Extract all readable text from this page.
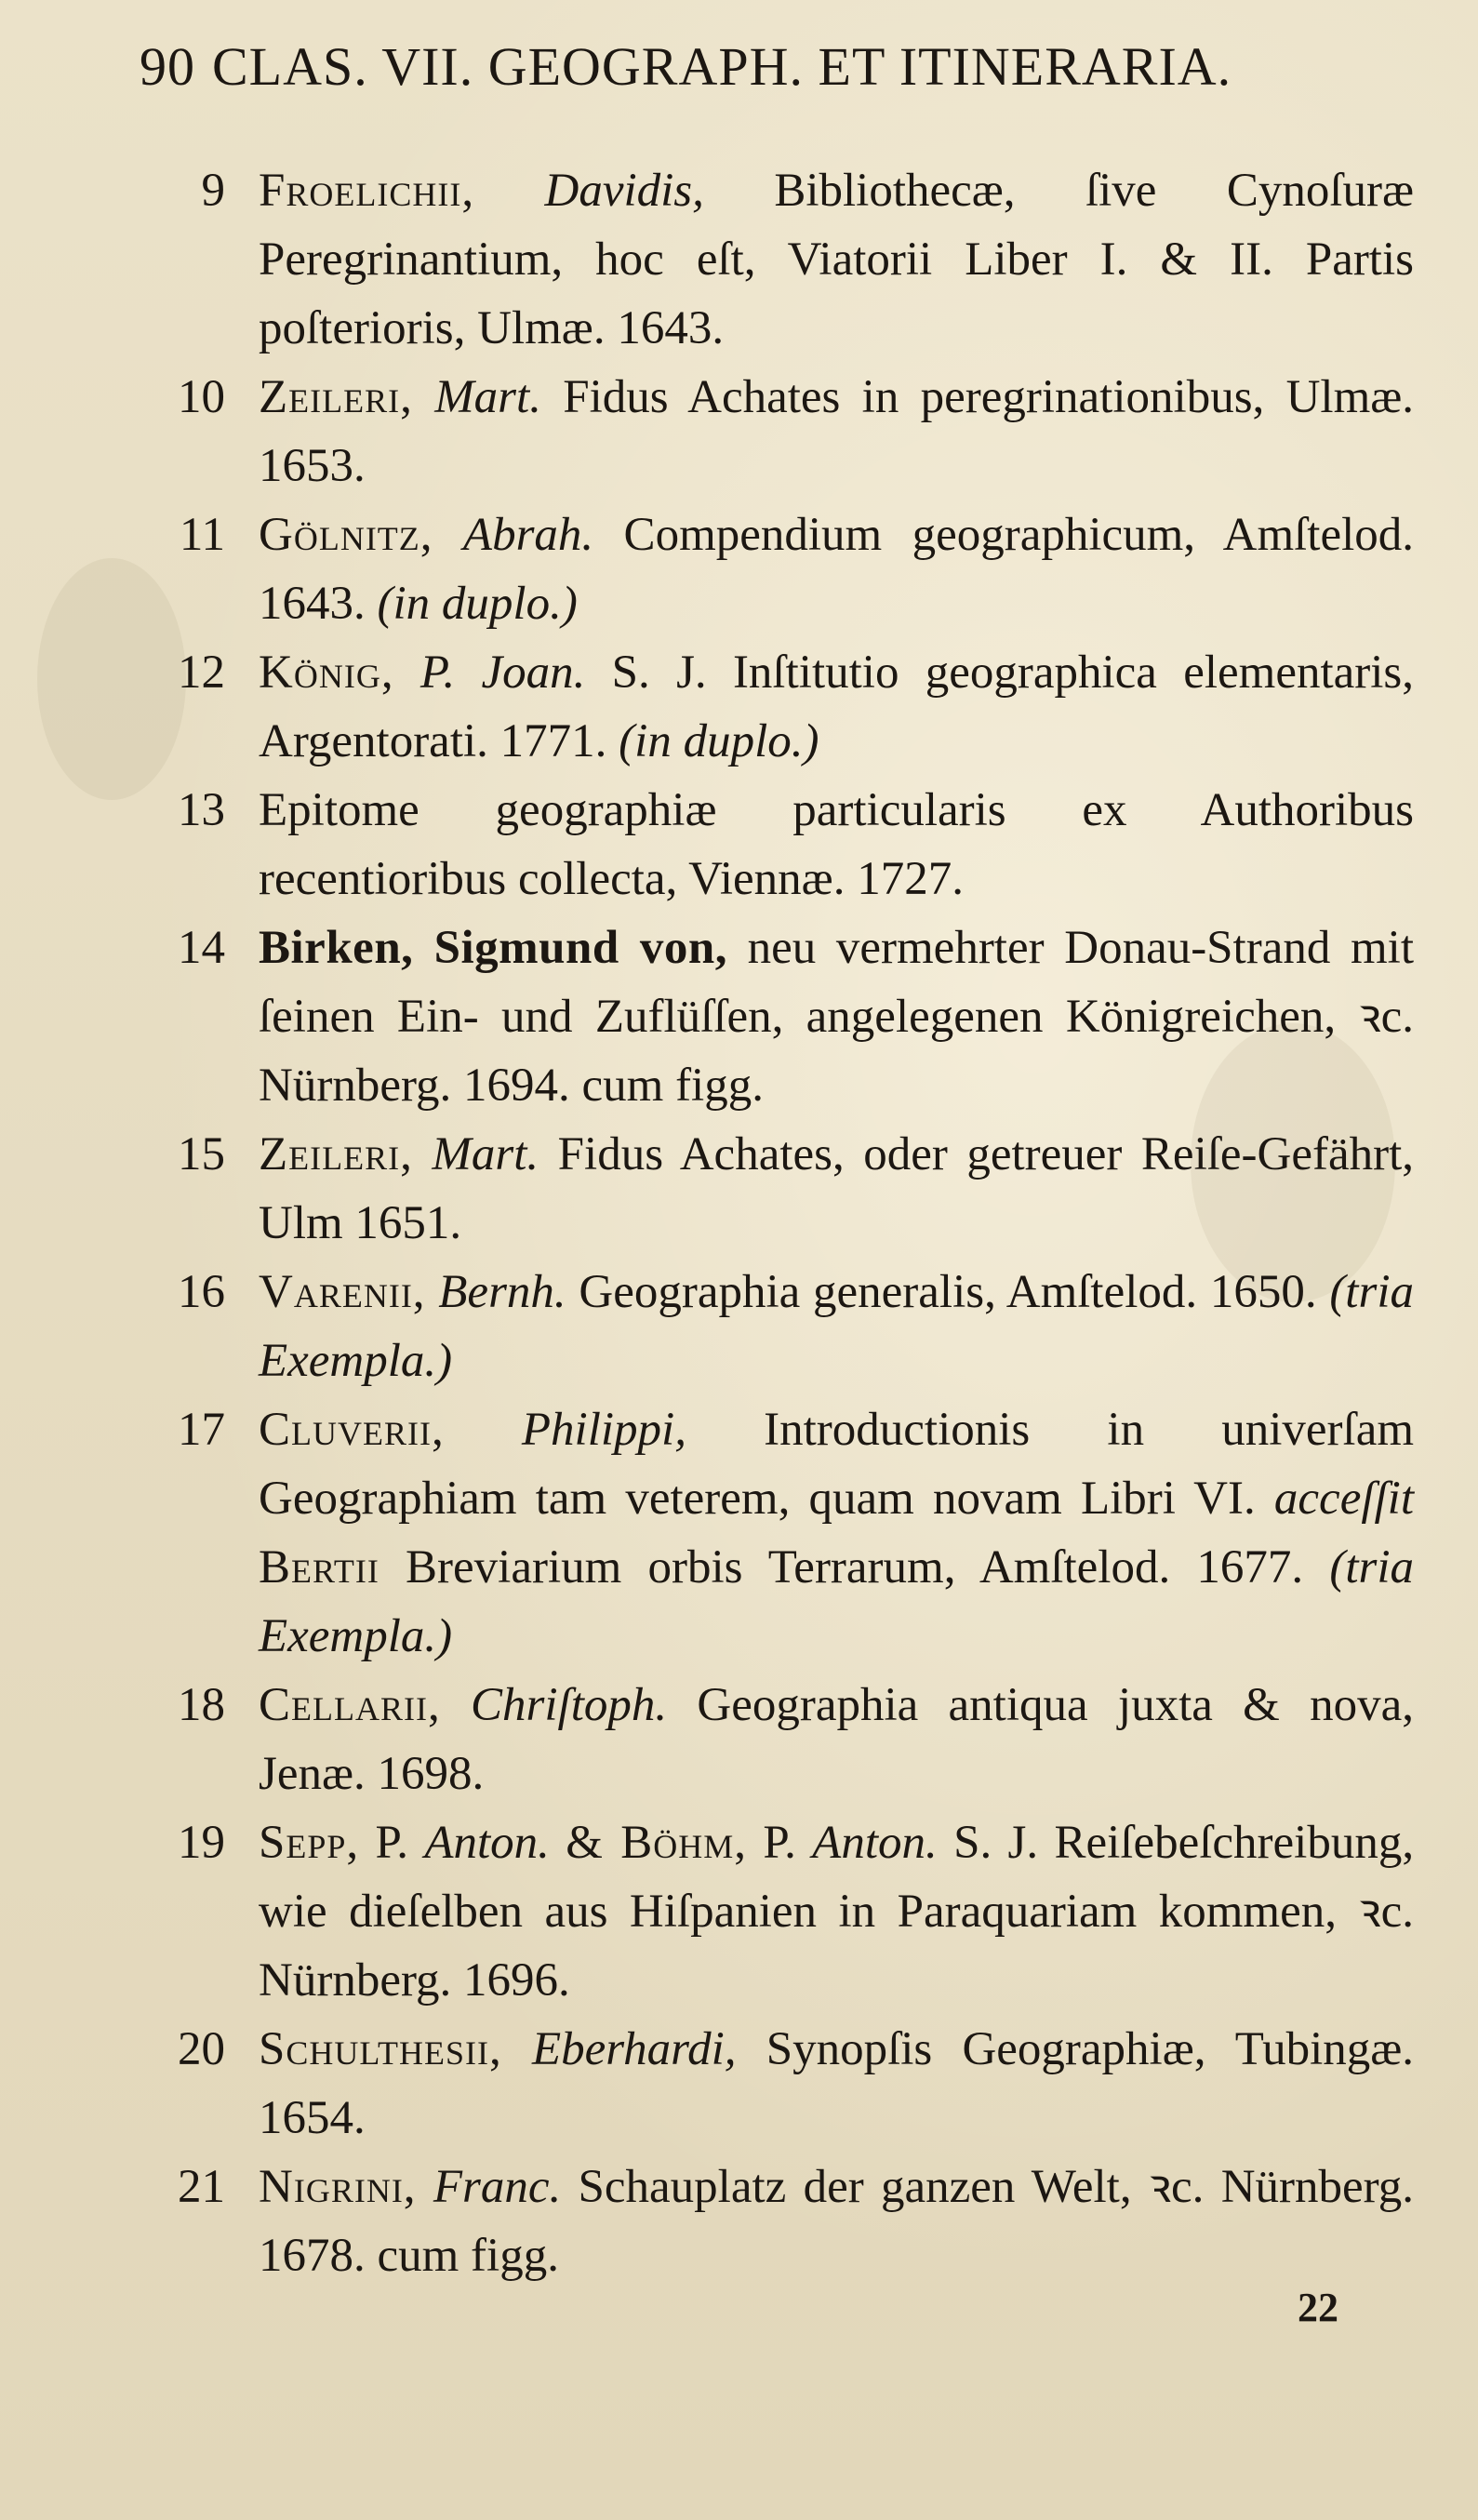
90 CLAS. VII. GEOGRAPH. ET ITINERARIA.
9 Froelichii, Davidis, Bibliothecæ, ſive Cynoſuræ Peregrinantium, hoc eſt, Viatorii Liber I. & II. Partis poſterioris, Ulmæ. 1643.
10 Zeileri, Mart. Fidus Achates in peregrinationibus, Ulmæ. 1653.
11 Gölnitz, Abrah. Compendium geographicum, Amſtelod. 1643. (in duplo.)
12 König, P. Joan. S. J. Inſtitutio geographica elementaris, Argentorati. 1771. (in duplo.)
13 Epitome geographiæ particularis ex Authoribus recentioribus collecta, Viennæ. 1727.
14 Birken, Sigmund von, neu vermehrter Donau-Strand mit ſeinen Ein- und Zuflüſſen, angelegenen Königreichen, ꝛc. Nürnberg. 1694. cum figg.
15 Zeileri, Mart. Fidus Achates, oder getreuer Reiſe-Gefährt, Ulm 1651.
16 Varenii, Bernh. Geographia generalis, Amſtelod. 1650. (tria Exempla.)
17 Cluverii, Philippi, Introductionis in univerſam Geographiam tam veterem, quam novam Libri VI. acceſſit Bertii Breviarium orbis Terrarum, Amſtelod. 1677. (tria Exempla.)
18 Cellarii, Chriſtoph. Geographia antiqua juxta & nova, Jenæ. 1698.
19 Sepp, P. Anton. & Böhm, P. Anton. S. J. Reiſebeſchreibung, wie dieſelben aus Hiſpanien in Paraquariam kommen, ꝛc. Nürnberg. 1696.
20 Schulthesii, Eberhardi, Synopſis Geographiæ, Tubingæ. 1654.
21 Nigrini, Franc. Schauplatz der ganzen Welt, ꝛc. Nürnberg. 1678. cum figg.
22
